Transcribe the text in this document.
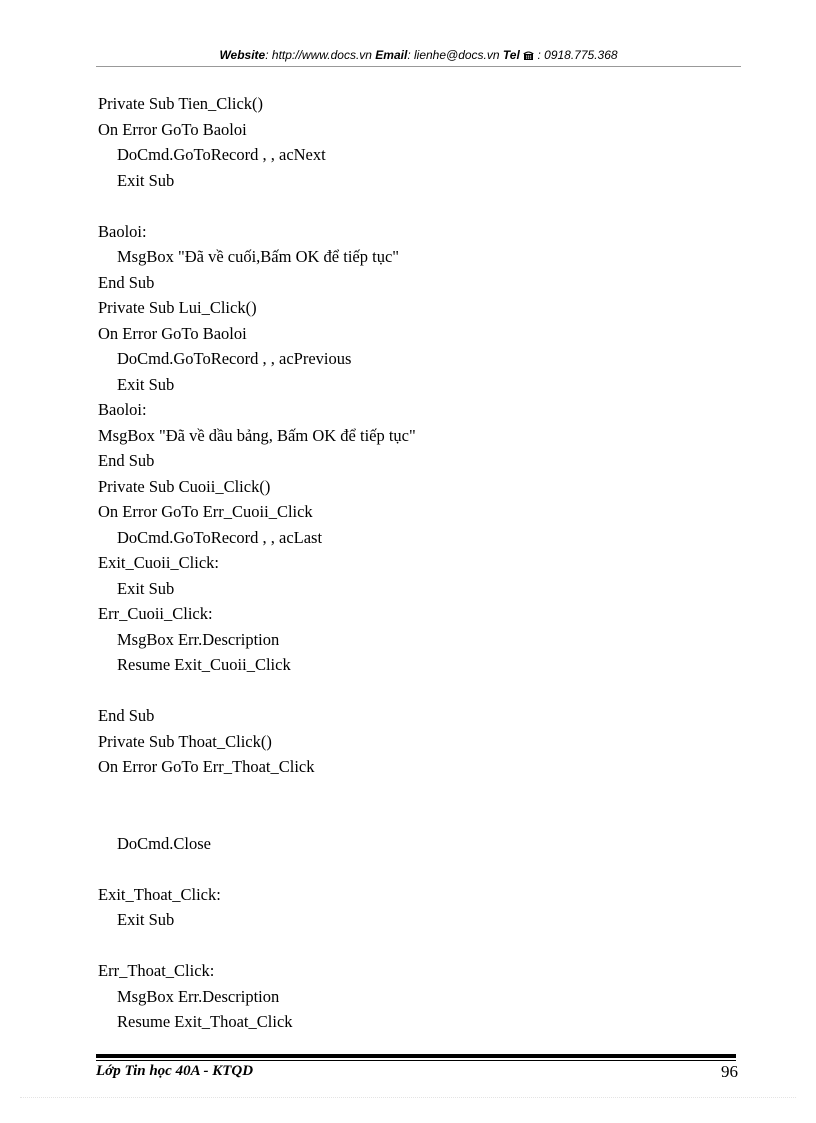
Website: http://www.docs.vn Email: lienhe@docs.vn Tel : 0918.775.368
Private Sub Tien_Click()
On Error GoTo Baoloi
DoCmd.GoToRecord , , acNext
Exit Sub
Baoloi:
MsgBox "Đã về cuối,Bấm OK để tiếp tục"
End Sub
Private Sub Lui_Click()
On Error GoTo Baoloi
DoCmd.GoToRecord , , acPrevious
Exit Sub
Baoloi:
MsgBox "Đã về dầu bảng, Bấm OK để tiếp tục"
End Sub
Private Sub Cuoii_Click()
On Error GoTo Err_Cuoii_Click
DoCmd.GoToRecord , , acLast
Exit_Cuoii_Click:
Exit Sub
Err_Cuoii_Click:
MsgBox Err.Description
Resume Exit_Cuoii_Click
End Sub
Private Sub Thoat_Click()
On Error GoTo Err_Thoat_Click
DoCmd.Close
Exit_Thoat_Click:
Exit Sub
Err_Thoat_Click:
MsgBox Err.Description
Resume Exit_Thoat_Click
Lớp Tin học 40A - KTQD	96
